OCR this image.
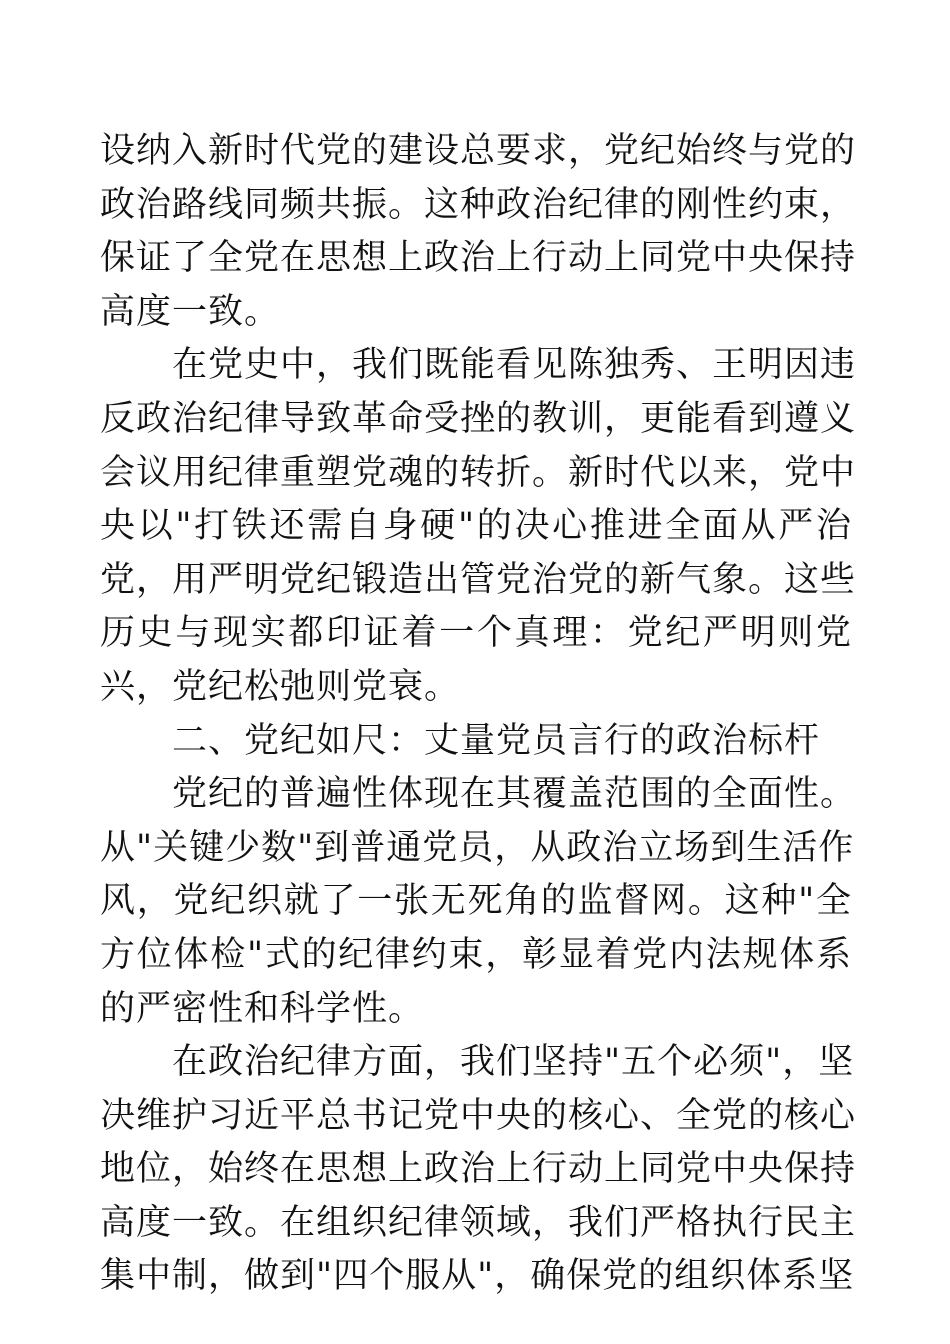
设纳入新时代党的建设总要求，党纪始终与党的
政治路线同频共振。这种政治纪律的刚性约束，
保证了全党在思想上政治上行动上同党中央保持
高度一致。
在党史中，我们既能看见陈独秀、王明因违
反政治纪律导致革命受挫的教训，更能看到遵义
会议用纪律重塑党魂的转折。新时代以来，党中
央以"打铁还需自身硬"的决心推进全面从严治
党，用严明党纪锻造出管党治党的新气象。这些
历史与现实都印证着一个真理：党纪严明则党
兴，党纪松弛则党衰。
二、党纪如尺：丈量党员言行的政治标杆
党纪的普遍性体现在其覆盖范围的全面性。
从"关键少数"到普通党员，从政治立场到生活作
风，党纪织就了一张无死角的监督网。这种"全
方位体检"式的纪律约束，彰显着党内法规体系
的严密性和科学性。
在政治纪律方面，我们坚持"五个必须"，坚
决维护习近平总书记党中央的核心、全党的核心
地位，始终在思想上政治上行动上同党中央保持
高度一致。在组织纪律领域，我们严格执行民主
集中制，做到"四个服从"，确保党的组织体系坚
